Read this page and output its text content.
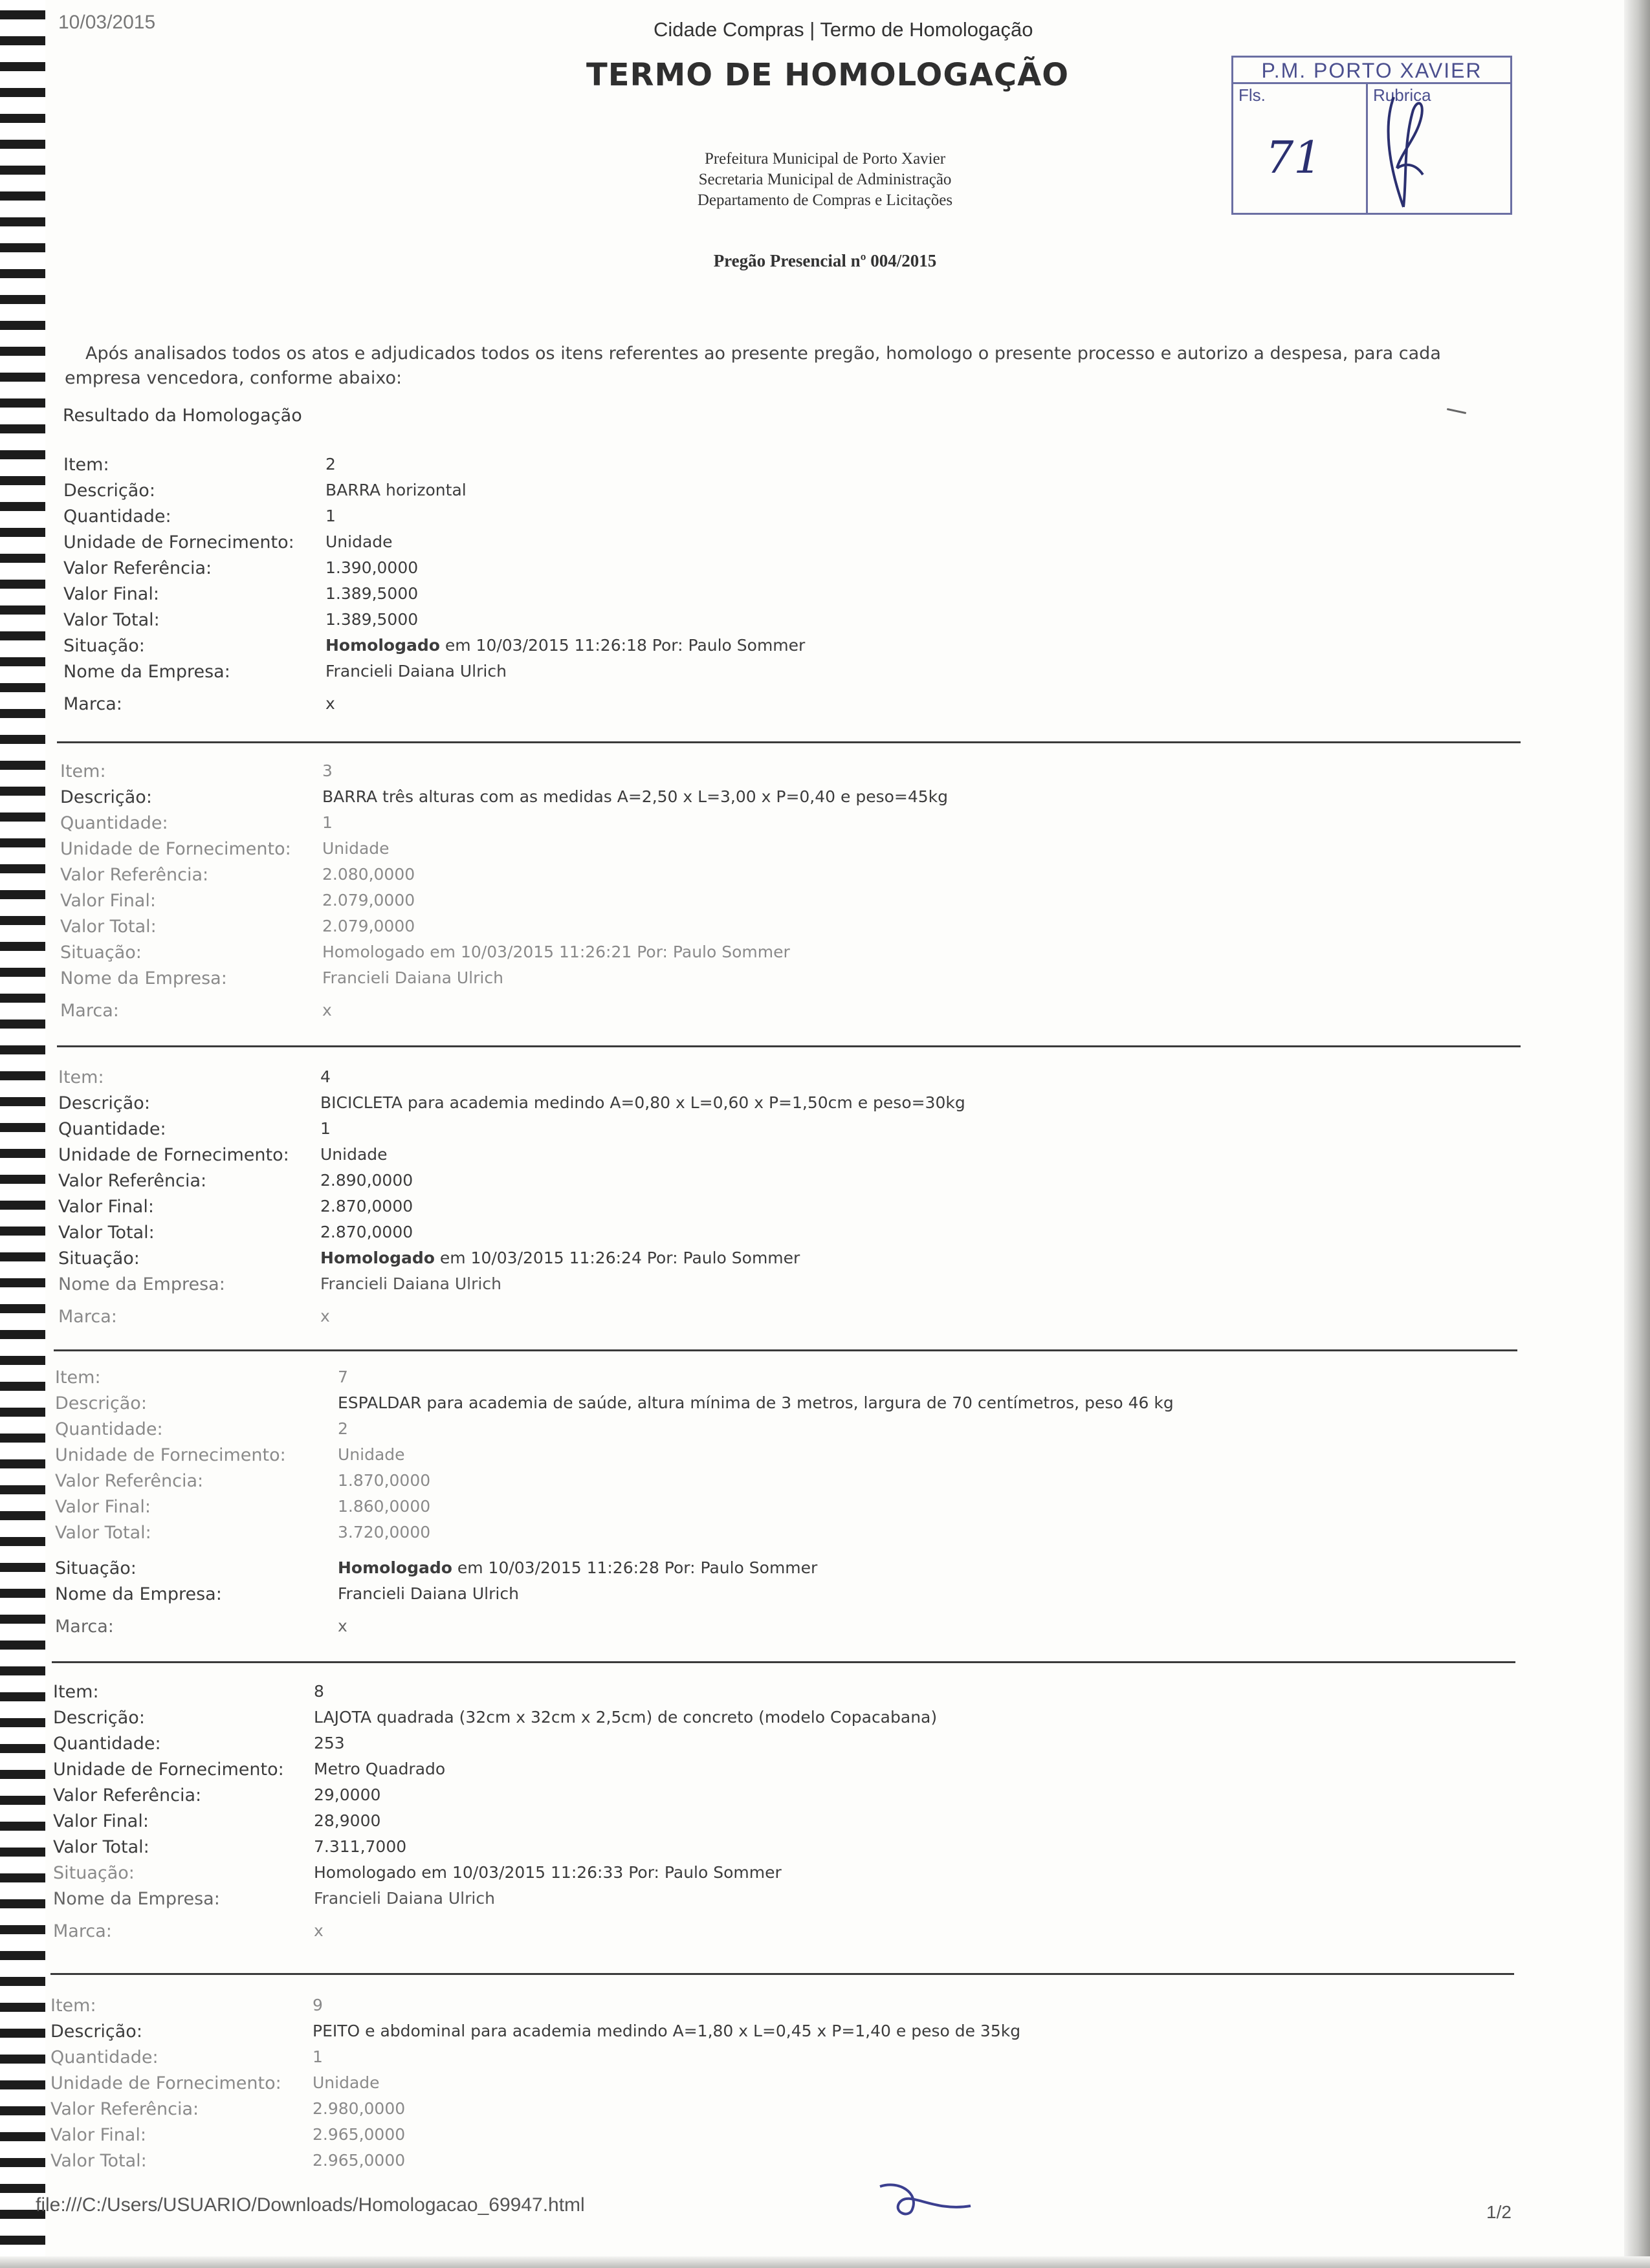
10/03/2015	Cidade Compras | Termo de Homologação
TERMO DE HOMOLOGAÇÃO	P.M. PORTO XAVIER
Fls.
71
Rubrica
Prefeitura Municipal de Porto Xavier
Secretaria Municipal de Administração
Departamento de Compras e Licitações
Pregão Presencial nº 004/2015
Após analisados todos os atos e adjudicados todos os itens referentes ao presente pregão, homologo o presente processo e autorizo a despesa, para cada
empresa vencedora, conforme abaixo:
Resultado da Homologação
Item:	2
Descrição:	BARRA horizontal
Quantidade:	1
Unidade de Fornecimento: Unidade
Valor Referência:	1.390,0000
Valor Final:	1.389,5000
Valor Total:	1.389,5000
Situação:	Homologado em 10/03/2015 11:26:18 Por: Paulo Sommer
Nome da Empresa:	Francieli Daiana Ulrich
Marca:	x
Item:	3
Descrição:	BARRA três alturas com as medidas A=2,50 x L=3,00 x P=0,40 e peso=45kg
Quantidade:	1
Unidade de Fornecimento: Unidade
Valor Referência:	2.080,0000
Valor Final:	2.079,0000
Valor Total:	2.079,0000
Situação:	Homologado em 10/03/2015 11:26:21 Por: Paulo Sommer
Nome da Empresa:	Francieli Daiana Ulrich
Marca:	x
Item:	4
Descrição:	BICICLETA para academia medindo A=0,80 x L=0,60 x P=1,50cm e peso=30kg
Quantidade:	1
Unidade de Fornecimento: Unidade
Valor Referência:	2.890,0000
Valor Final:	2.870,0000
Valor Total:	2.870,0000
Situação:	Homologado em 10/03/2015 11:26:24 Por: Paulo Sommer
Nome da Empresa:	Francieli Daiana Ulrich
Marca:	x
Item:	7
Descrição:	ESPALDAR para academia de saúde, altura mínima de 3 metros, largura de 70 centímetros, peso 46 kg
Quantidade:	2
Unidade de Fornecimento:	Unidade
Valor Referência:	1.870,0000
Valor Final:	1.860,0000
Valor Total:	3.720,0000
Situação:	Homologado em 10/03/2015 11:26:28 Por: Paulo Sommer
Nome da Empresa:	Francieli Daiana Ulrich
Marca:	x
Item:	8
Descrição:	LAJOTA quadrada (32cm x 32cm x 2,5cm) de concreto (modelo Copacabana)
Quantidade:	253
Unidade de Fornecimento: Metro Quadrado
Valor Referência:	29,0000
Valor Final:	28,9000
Valor Total:	7.311,7000
Situação:	Homologado em 10/03/2015 11:26:33 Por: Paulo Sommer
Nome da Empresa:	Francieli Daiana Ulrich
Marca:	x
Item:	9
Descrição:	PEITO e abdominal para academia medindo A=1,80 x L=0,45 x P=1,40 e peso de 35kg
Quantidade:	1
Unidade de Fornecimento: Unidade
Valor Referência:	2.980,0000
Valor Final:	2.965,0000
Valor Total:	2.965,0000
file:///C:/Users/USUARIO/Downloads/Homologacao_69947.html	1/2
